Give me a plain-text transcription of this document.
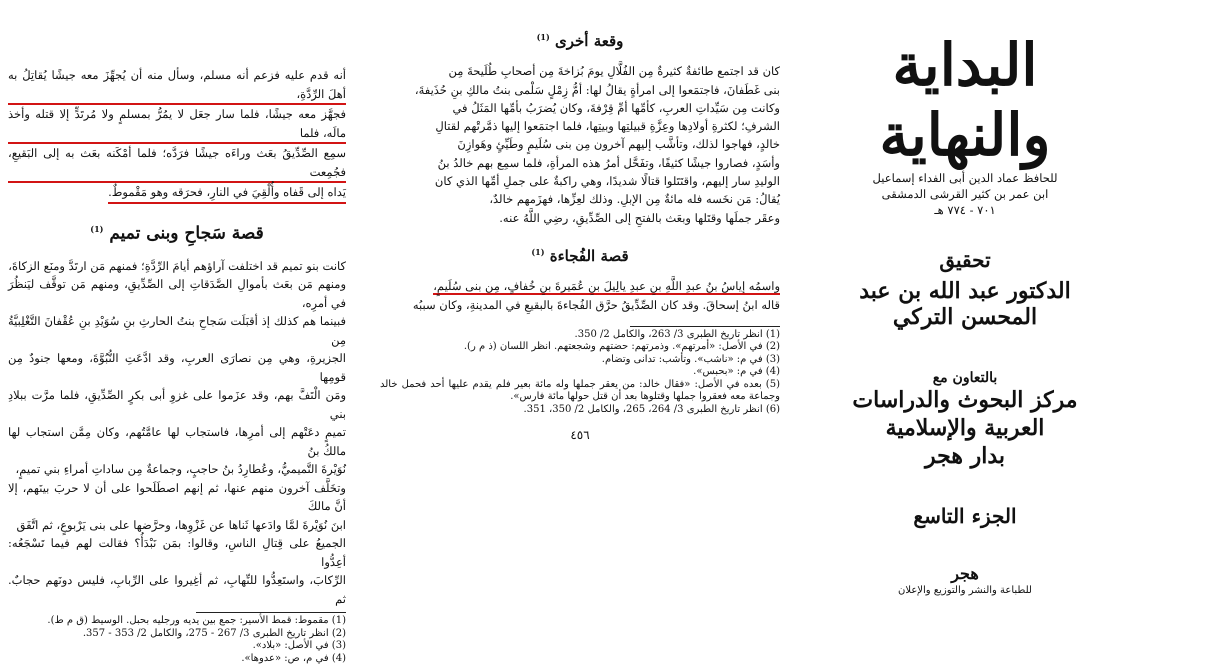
أنه قدم عليه فزعم أنه مسلم، وسأل منه أن يُجهِّزَ معه جيشًا يُقاتِلُ به أهلَ الرِّدَّةِ،
فجهَّز معه جيشًا، فلما سار جعَل لا يمُرُّ بمسلمٍ ولا مُرتَدٍّ إلا قتله وأخذ مالَه، فلما
سمِع الصِّدِّيقُ بعَث وراءَه جيشًا فرَدَّه؛ فلما أمْكَنه بعَث به إلى البَقيعِ، فجُمِعت
يَداه إلى قَفاه وأُلْقِيَ في النارِ، فحرَقه وهو مَقْموطٌ.
قصة سَجاحِ وبنى تميم $^{(1)}$
كانت بنو تميم قد اختلفت آراؤهم أيامَ الرِّدَّةِ؛ فمنهم مَن ارتَدَّ ومنَع الزكاةَ،
ومنهم مَن بعَث بأموالِ الصَّدَقاتِ إلى الصِّدِّيقِ، ومنهم مَن توقَّف ليَنظُرَ في أمرِه،
فبينما هم كذلك إذ أقبَلَت سَجاحِ بنتُ الحارثِ بنِ سُوَيْدِ بنِ عُقْفانَ التَّغْلِبيَّةُ مِن
الجزيرةِ، وهي مِن نصارَى العربِ، وقد ادَّعَتِ النُّبُوَّةَ، ومعها جنودٌ مِن قومِها
ومَن الْتَفَّ بهم، وقد عزَموا على غزوِ أبى بكرٍ الصِّدِّيقِ، فلما مرَّت ببلادِ بني
تميمٍ دعَتْهم إلى أمرِها، فاستجاب لها عامَّتُهم، وكان مِمَّن استجاب لها مالكُ بنُ
نُوَيْرةَ التَّميميُّ، وعُطارِدُ بنُ حاجبٍ، وجماعةٌ مِن ساداتِ أمراءِ بني تميمٍ،
وتخَلَّف آخرون منهم عنها، ثم إنهم اصطَلَحوا على أن لا حربَ بينَهم، إلا أنَّ مالكَ
ابنَ نُوَيْرةَ لمَّا وادَعها ثَناها عن غَزْوِها، وحرَّضها على بنى يَرْبوعٍ، ثم اتَّفَق
الجميعُ على قِتالِ الناسِ، وقالوا: بمَن نَبْدَأُ؟ فقالت لهم فيما تَسْجَعُه: أعِدُّوا
الرِّكابَ، واستَعِدُّوا للنِّهابِ، ثم أغِيروا على الرِّبابِ، فليس دونَهم حجابٌ. ثم
(1) مقموط: قمط الأسير: جمع بين يديه ورجليه بحبل. الوسيط (ق م ط).
(2) انظر تاريخ الطبرى 3/ 267 - 275، والكامل 2/ 353 - 357.
(3) في الأصل: «بلاد».
(4) في م، ص: «عدوها».
وقعة أخرى $^{(1)}$
كان قد اجتمع طائفةٌ كثيرةٌ مِن الفُلَّالِ يومَ بُزاخةَ مِن أصحابِ طُلَيحةَ مِن
بنى غَطَفانَ، فاجتمَعوا إلى امرأةٍ يقالُ لها: أمُّ زِمْلٍ سَلْمى بنتُ مالكِ بنِ حُذَيفةَ،
وكانت مِن سَيِّداتِ العربِ، كأمِّها أمِّ قِرْفةَ، وكان يُضرَبُ بأمِّها المَثَلُ في
الشرفِ؛ لكثرةِ أولادِها وعِزَّةِ قبيلتِها وبيتِها، فلما اجتمَعوا إليها ذمَّرتْهم لقتالِ
خالدٍ، فهاجوا لذلك، وتأشَّب إليهم آخرون مِن بنى سُلَيمٍ وطَيِّئٍ وهَوازِنَ
وأسَدٍ، فصاروا جيشًا كثيفًا، وتفَحَّل أمرُ هذه المرأةِ، فلما سمِع بهم خالدُ بنُ
الوليدِ سار إليهم، واقتَتَلوا قتالًا شديدًا، وهي راكبةٌ على جملِ أمِّها الذي كان
يُقالُ: مَن نخَسه فله مائةٌ مِن الإبلِ. وذلك لعِزِّها، فهزَمهم خالدٌ،
وعقَر جملَها وقتَلها وبعَث بالفتحِ إلى الصِّدِّيقِ، رضِي اللَّهُ عنه.
قصة الفُجاءة $^{(1)}$
واسمُه إياسُ بنُ عبدِ اللَّهِ بنِ عبدِ يالِيلَ بنِ عُمَيرةَ بنِ خُفافٍ، مِن بنى سُلَيمٍ،
قاله ابنُ إسحاقَ. وقد كان الصِّدِّيقُ حرَّق الفُجاءةَ بالبقيعِ في المدينةِ، وكان سببُه
(1) انظر تاريخ الطبرى 3/ 263، والكامل 2/ 350.
(2) في الأصل: «أمرتهم». وذمرتهم: حضتهم وشجعتهم. انظر اللسان (ذ م ر).
(3) في م: «ناشب». وتأشب: تدانى وتضام.
(4) في م: «بحبس».
(5) بعده في الأصل: «فقال خالد: من يعقر جملها وله مائة بعير فلم يقدم عليها أحد فحمل خالد وجماعة معه فعقروا جملها وقتلوها بعد أن قتل حولها مائة فارس».
(6) انظر تاريخ الطبرى 3/ 264، 265، والكامل 2/ 350، 351.
٤٥٦
البداية والنهاية
للحافظ عماد الدين أبى الفداء إسماعيل
ابن عمر بن كثير القرشى الدمشقى
٧٠١ - ٧٧٤ هـ
تحقيق
الدكتور عبد الله بن عبد المحسن التركي
بالتعاون مع
مركز البحوث والدراسات العربية والإسلامية
بدار هجر
الجزء التاسع
هجر
للطباعة والنشر والتوزيع والإعلان
